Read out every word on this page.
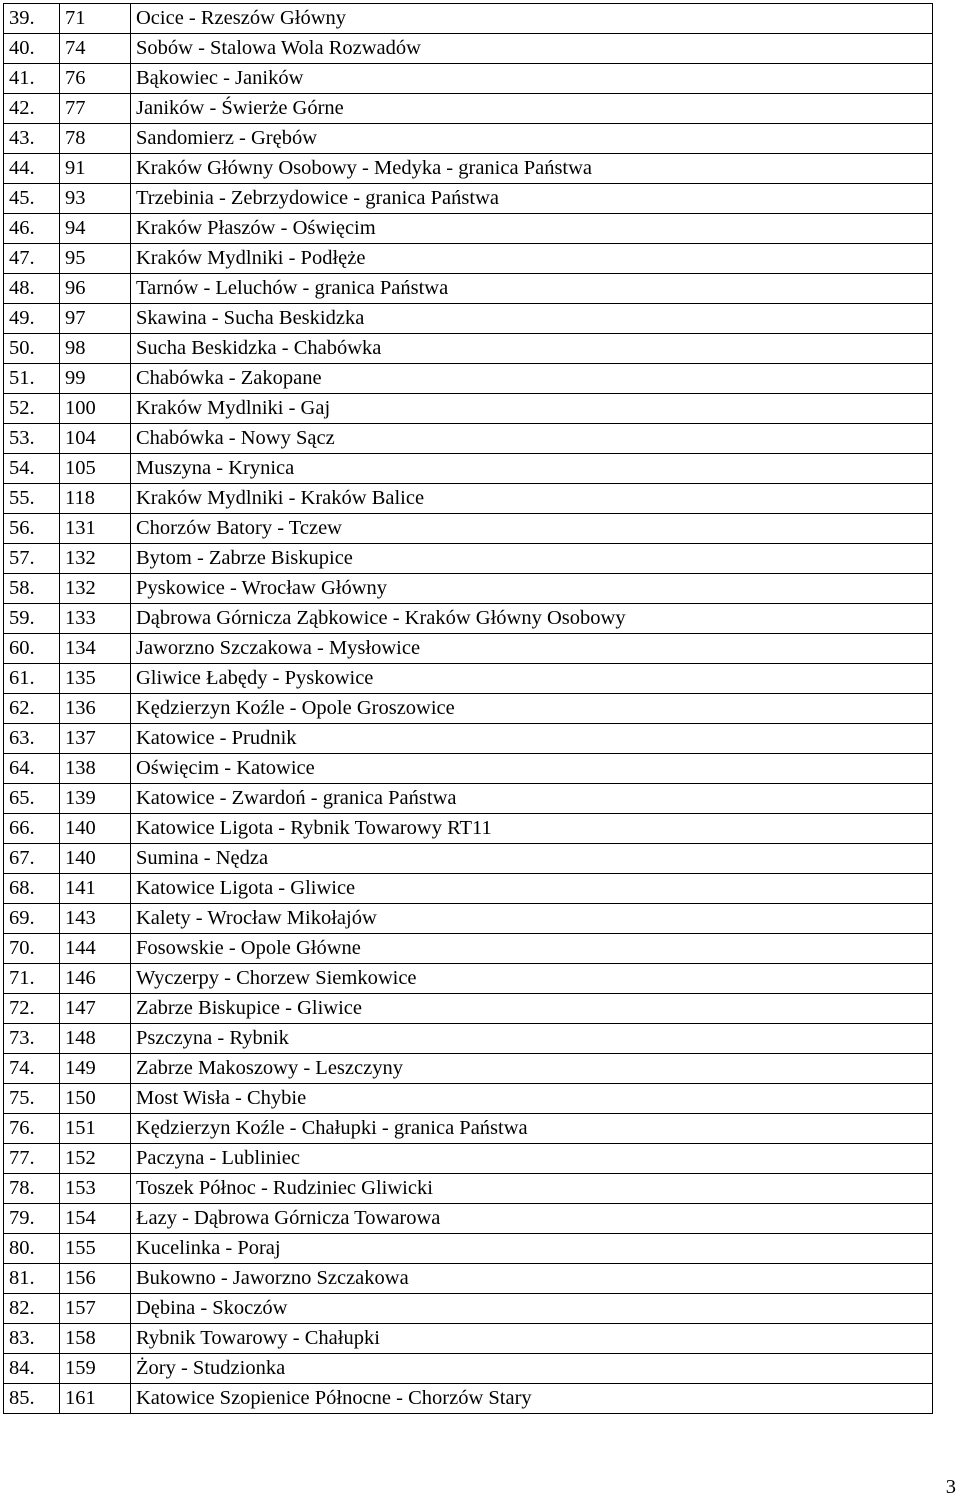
39.	71	Ocice - Rzeszów Główny
40.	74	Sobów - Stalowa Wola Rozwadów
41.	76	Bąkowiec - Janików
42.	77	Janików - Świerże Górne
43.	78	Sandomierz - Grębów
44.	91	Kraków Główny Osobowy - Medyka - granica Państwa
45.	93	Trzebinia - Zebrzydowice - granica Państwa
46.	94	Kraków Płaszów - Oświęcim
47.	95	Kraków Mydlniki - Podłęże
48.	96	Tarnów - Leluchów - granica Państwa
49.	97	Skawina - Sucha Beskidzka
50.	98	Sucha Beskidzka - Chabówka
51.	99	Chabówka - Zakopane
52.	100	Kraków Mydlniki - Gaj
53.	104	Chabówka - Nowy Sącz
54.	105	Muszyna - Krynica
55.	118	Kraków Mydlniki - Kraków Balice
56.	131	Chorzów Batory - Tczew
57.	132	Bytom - Zabrze Biskupice
58.	132	Pyskowice - Wrocław Główny
59.	133	Dąbrowa Górnicza Ząbkowice - Kraków Główny Osobowy
60.	134	Jaworzno Szczakowa - Mysłowice
61.	135	Gliwice Łabędy - Pyskowice
62.	136	Kędzierzyn Koźle - Opole Groszowice
63.	137	Katowice - Prudnik
64.	138	Oświęcim - Katowice
65.	139	Katowice - Zwardoń - granica Państwa
66.	140	Katowice Ligota - Rybnik Towarowy RT11
67.	140	Sumina - Nędza
68.	141	Katowice Ligota - Gliwice
69.	143	Kalety - Wrocław Mikołajów
70.	144	Fosowskie - Opole Główne
71.	146	Wyczerpy - Chorzew Siemkowice
72.	147	Zabrze Biskupice - Gliwice
73.	148	Pszczyna - Rybnik
74.	149	Zabrze Makoszowy - Leszczyny
75.	150	Most Wisła - Chybie
76.	151	Kędzierzyn Koźle - Chałupki - granica Państwa
77.	152	Paczyna - Lubliniec
78.	153	Toszek Północ - Rudziniec Gliwicki
79.	154	Łazy - Dąbrowa Górnicza Towarowa
80.	155	Kucelinka - Poraj
81.	156	Bukowno - Jaworzno Szczakowa
82.	157	Dębina - Skoczów
83.	158	Rybnik Towarowy - Chałupki
84.	159	Żory - Studzionka
85.	161	Katowice Szopienice Północne - Chorzów Stary
3
